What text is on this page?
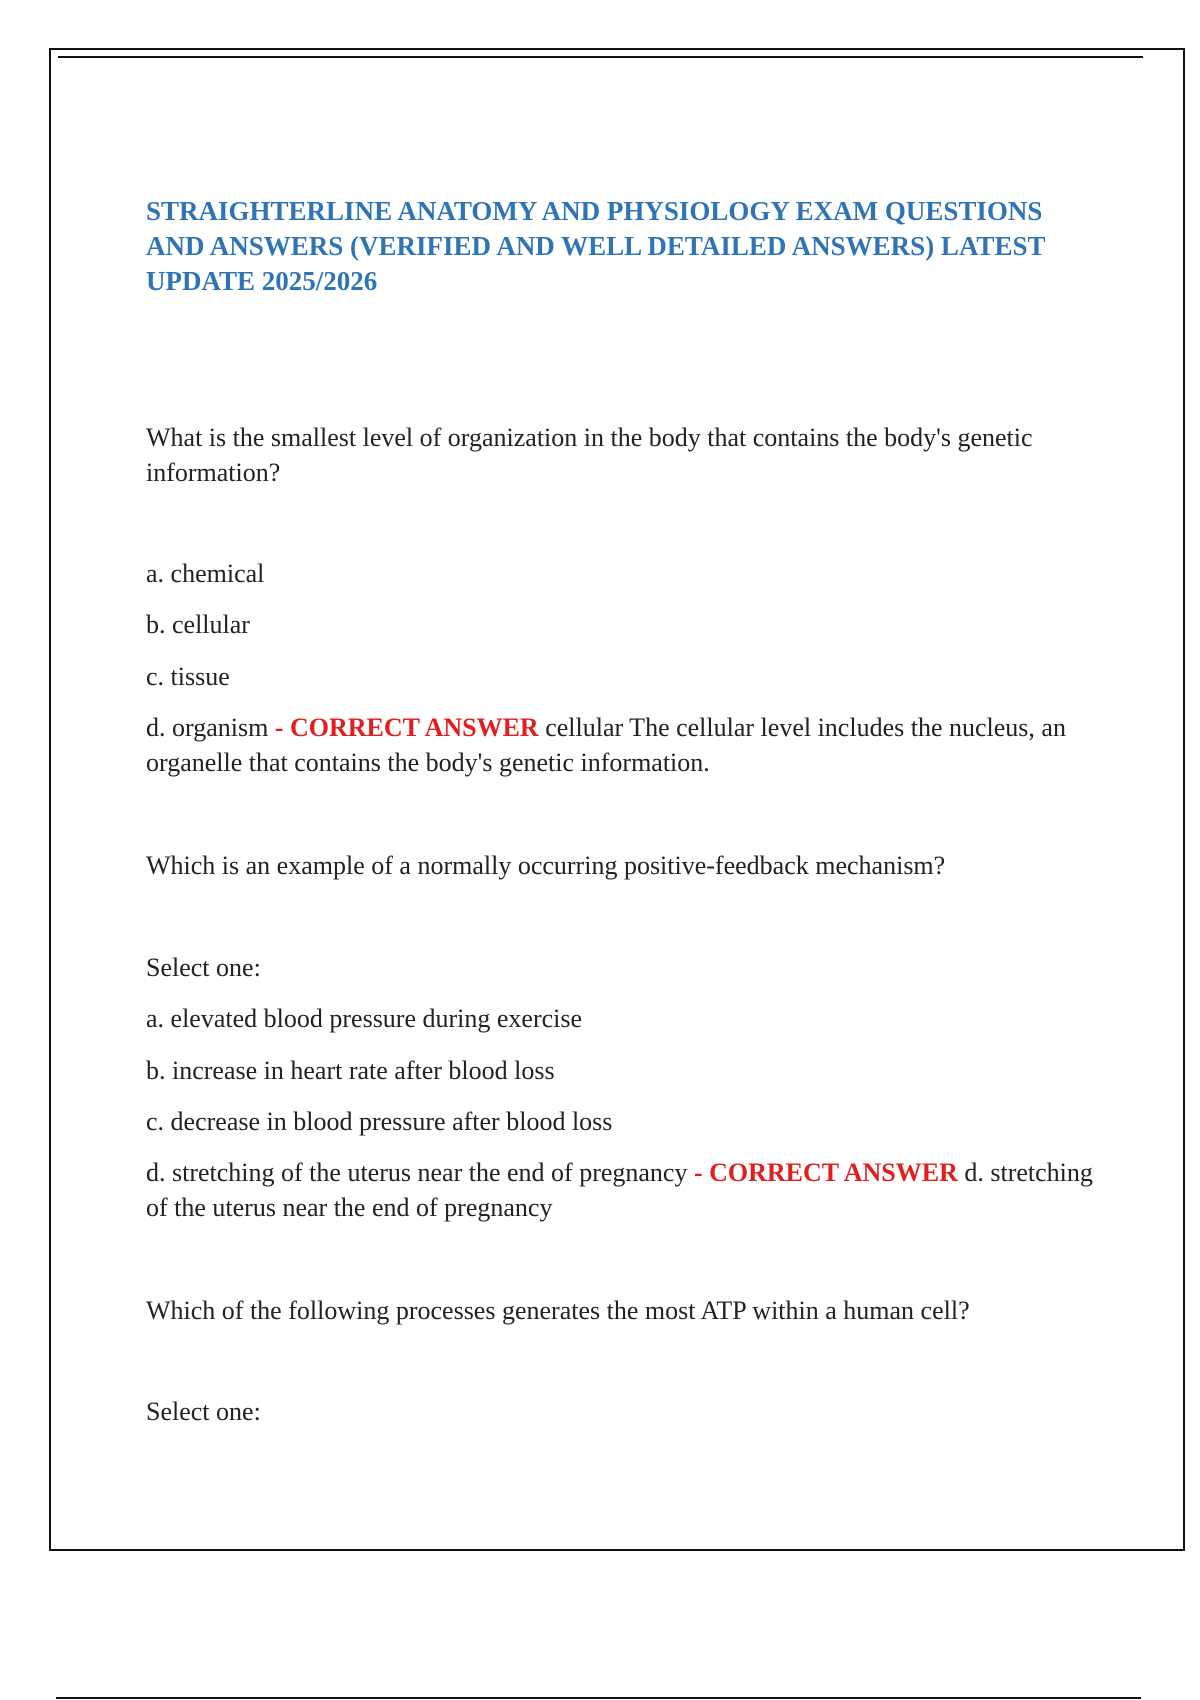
STRAIGHTERLINE ANATOMY AND PHYSIOLOGY EXAM QUESTIONS AND ANSWERS (VERIFIED AND WELL DETAILED ANSWERS) LATEST UPDATE 2025/2026

What is the smallest level of organization in the body that contains the body's genetic information?

a. chemical

b. cellular

c. tissue

d. organism - CORRECT ANSWER cellular The cellular level includes the nucleus, an organelle that contains the body's genetic information.

Which is an example of a normally occurring positive-feedback mechanism?

Select one:

a. elevated blood pressure during exercise

b. increase in heart rate after blood loss

c. decrease in blood pressure after blood loss

d. stretching of the uterus near the end of pregnancy - CORRECT ANSWER d. stretching of the uterus near the end of pregnancy

Which of the following processes generates the most ATP within a human cell?

Select one:
